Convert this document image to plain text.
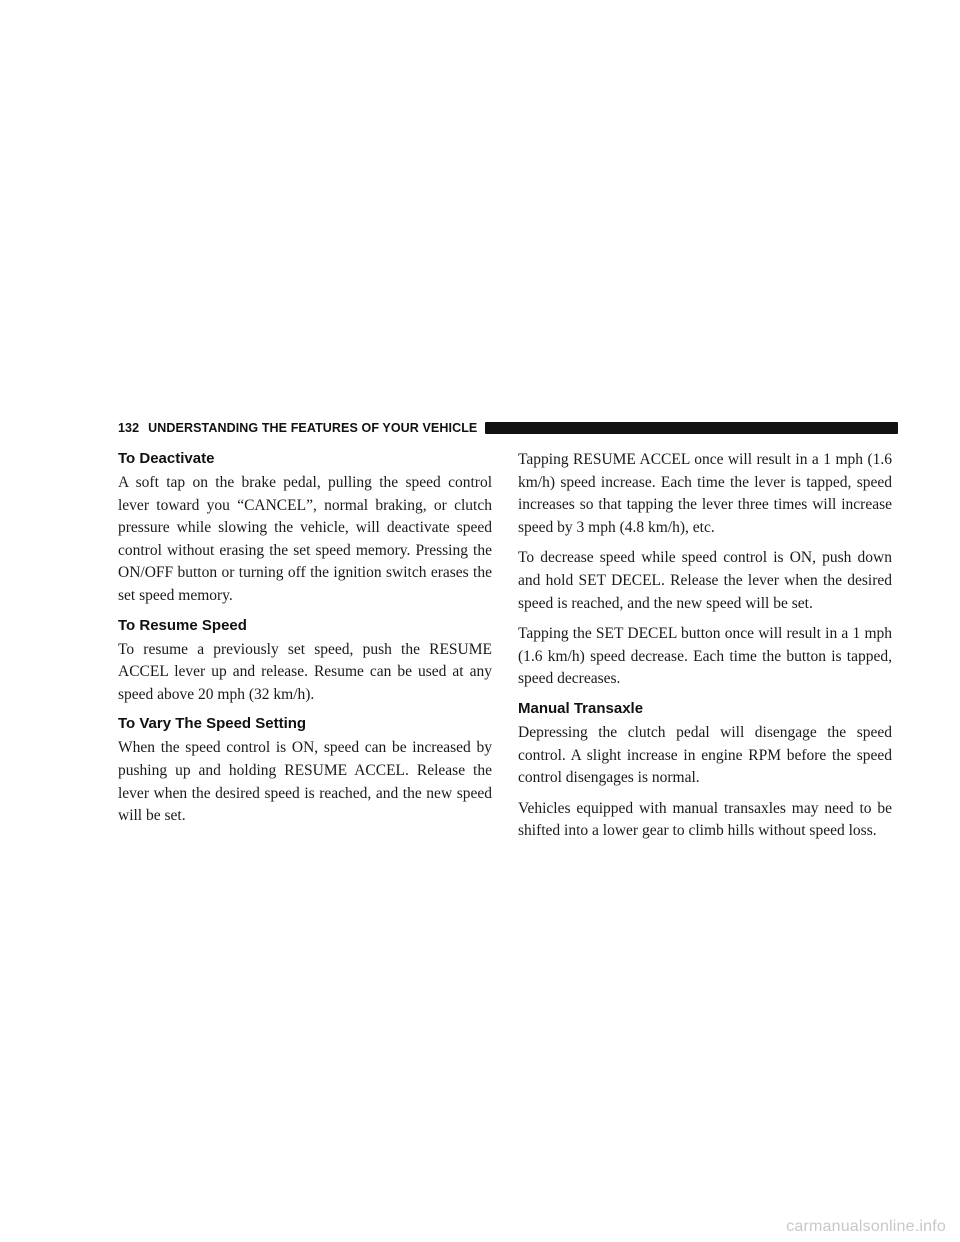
132 UNDERSTANDING THE FEATURES OF YOUR VEHICLE
To Deactivate

A soft tap on the brake pedal, pulling the speed control lever toward you “CANCEL”, normal braking, or clutch pressure while slowing the vehicle, will deactivate speed control without erasing the set speed memory. Pressing the ON/OFF button or turning off the ignition switch erases the set speed memory.

To Resume Speed

To resume a previously set speed, push the RESUME ACCEL lever up and release. Resume can be used at any speed above 20 mph (32 km/h).

To Vary The Speed Setting

When the speed control is ON, speed can be increased by pushing up and holding RESUME ACCEL. Release the lever when the desired speed is reached, and the new speed will be set.

Tapping RESUME ACCEL once will result in a 1 mph (1.6 km/h) speed increase. Each time the lever is tapped, speed increases so that tapping the lever three times will increase speed by 3 mph (4.8 km/h), etc.

To decrease speed while speed control is ON, push down and hold SET DECEL. Release the lever when the desired speed is reached, and the new speed will be set.

Tapping the SET DECEL button once will result in a 1 mph (1.6 km/h) speed decrease. Each time the button is tapped, speed decreases.

Manual Transaxle

Depressing the clutch pedal will disengage the speed control. A slight increase in engine RPM before the speed control disengages is normal.

Vehicles equipped with manual transaxles may need to be shifted into a lower gear to climb hills without speed loss.

carmanualsonline.info
